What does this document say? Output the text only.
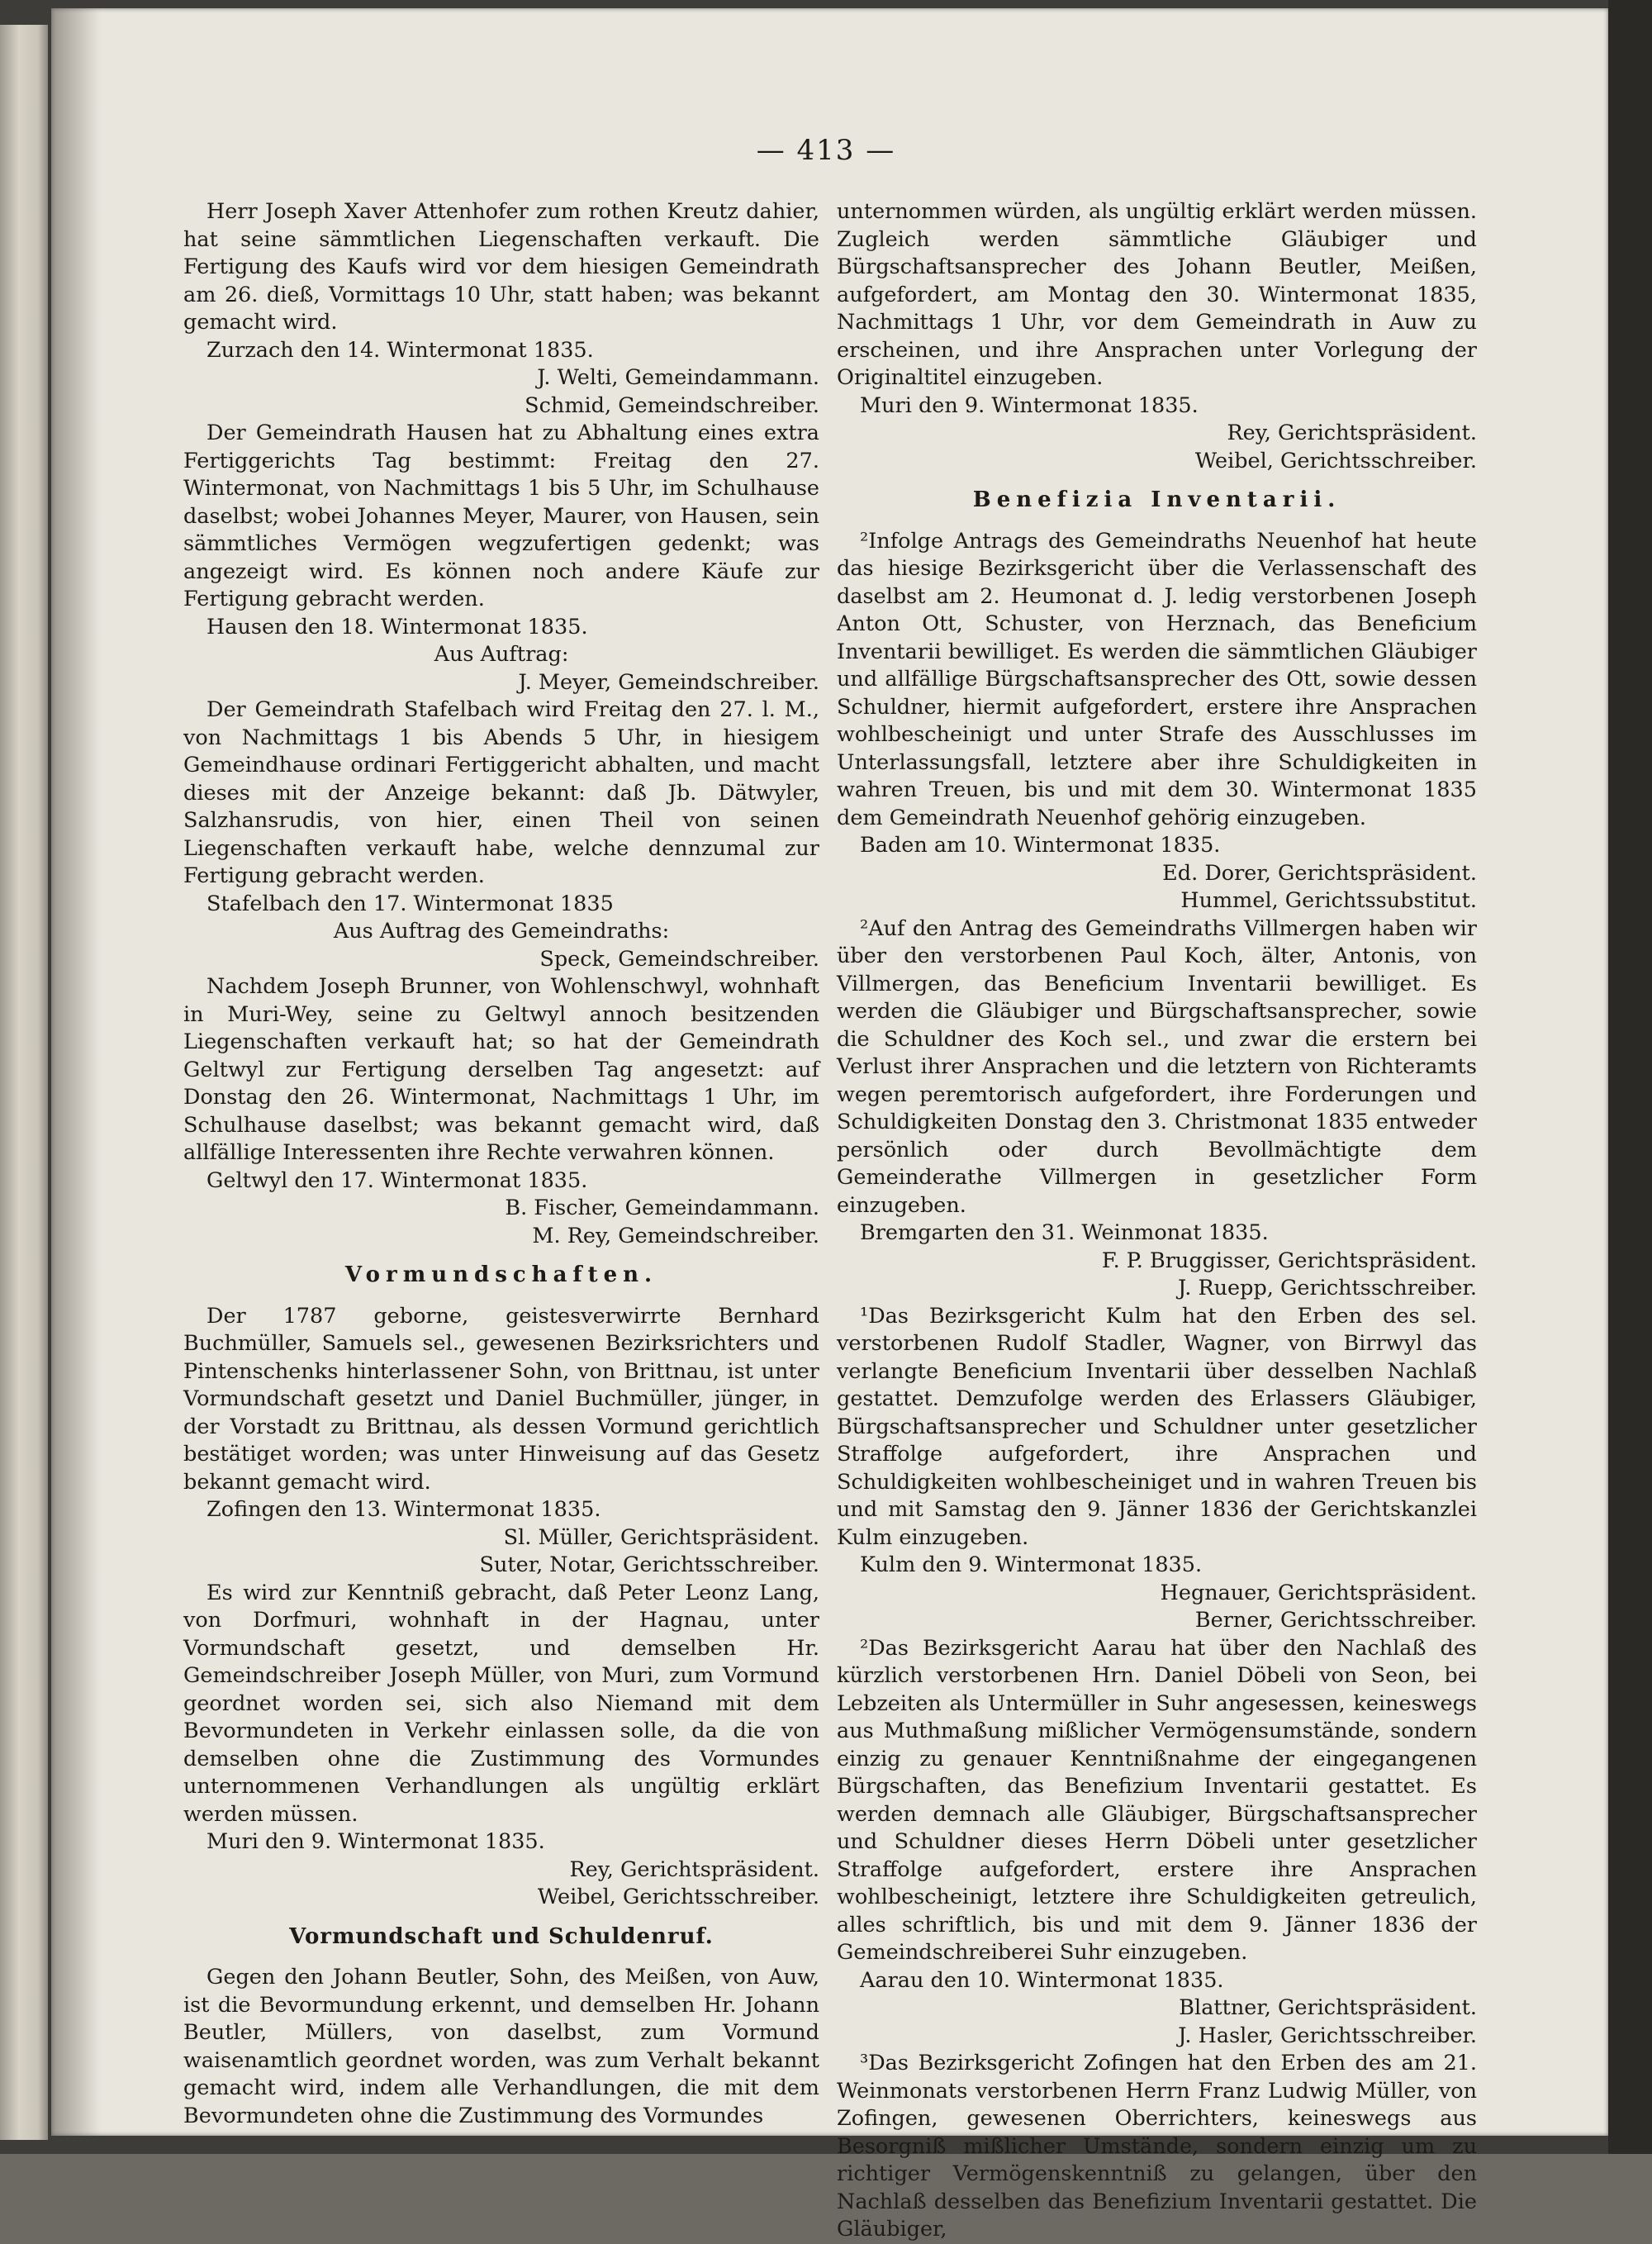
— 413 —

Herr Joseph Xaver Attenhofer zum rothen Kreutz dahier, hat seine sämmtlichen Liegenschaften verkauft. Die Fertigung des Kaufs wird vor dem hiesigen Gemeindrath am 26. dieß, Vormittags 10 Uhr, statt haben; was bekannt gemacht wird.

Zurzach den 14. Wintermonat 1835.

J. Welti, Gemeindammann.

Schmid, Gemeindschreiber.

Der Gemeindrath Hausen hat zu Abhaltung eines extra Fertiggerichts Tag bestimmt: Freitag den 27. Wintermonat, von Nachmittags 1 bis 5 Uhr, im Schulhause daselbst; wobei Johannes Meyer, Maurer, von Hausen, sein sämmtliches Vermögen wegzufertigen gedenkt; was angezeigt wird. Es können noch andere Käufe zur Fertigung gebracht werden.

Hausen den 18. Wintermonat 1835.

Aus Auftrag:

J. Meyer, Gemeindschreiber.

Der Gemeindrath Stafelbach wird Freitag den 27. l. M., von Nachmittags 1 bis Abends 5 Uhr, in hiesigem Gemeindhause ordinari Fertiggericht abhalten, und macht dieses mit der Anzeige bekannt: daß Jb. Dätwyler, Salzhansrudis, von hier, einen Theil von seinen Liegenschaften verkauft habe, welche dennzumal zur Fertigung gebracht werden.

Stafelbach den 17. Wintermonat 1835

Aus Auftrag des Gemeindraths:

Speck, Gemeindschreiber.

Nachdem Joseph Brunner, von Wohlenschwyl, wohnhaft in Muri-Wey, seine zu Geltwyl annoch besitzenden Liegenschaften verkauft hat; so hat der Gemeindrath Geltwyl zur Fertigung derselben Tag angesetzt: auf Donstag den 26. Wintermonat, Nachmittags 1 Uhr, im Schulhause daselbst; was bekannt gemacht wird, daß allfällige Interessenten ihre Rechte verwahren können.

Geltwyl den 17. Wintermonat 1835.

B. Fischer, Gemeindammann.

M. Rey, Gemeindschreiber.

Vormundschaften.

Der 1787 geborne, geistesverwirrte Bernhard Buchmüller, Samuels sel., gewesenen Bezirksrichters und Pintenschenks hinterlassener Sohn, von Brittnau, ist unter Vormundschaft gesetzt und Daniel Buchmüller, jünger, in der Vorstadt zu Brittnau, als dessen Vormund gerichtlich bestätiget worden; was unter Hinweisung auf das Gesetz bekannt gemacht wird.

Zofingen den 13. Wintermonat 1835.

Sl. Müller, Gerichtspräsident.

Suter, Notar, Gerichtsschreiber.

Es wird zur Kenntniß gebracht, daß Peter Leonz Lang, von Dorfmuri, wohnhaft in der Hagnau, unter Vormundschaft gesetzt, und demselben Hr. Gemeindschreiber Joseph Müller, von Muri, zum Vormund geordnet worden sei, sich also Niemand mit dem Bevormundeten in Verkehr einlassen solle, da die von demselben ohne die Zustimmung des Vormundes unternommenen Verhandlungen als ungültig erklärt werden müssen.

Muri den 9. Wintermonat 1835.

Rey, Gerichtspräsident.

Weibel, Gerichtsschreiber.

Vormundschaft und Schuldenruf.

Gegen den Johann Beutler, Sohn, des Meißen, von Auw, ist die Bevormundung erkennt, und demselben Hr. Johann Beutler, Müllers, von daselbst, zum Vormund waisenamtlich geordnet worden, was zum Verhalt bekannt gemacht wird, indem alle Verhandlungen, die mit dem Bevormundeten ohne die Zustimmung des Vormundes

unternommen würden, als ungültig erklärt werden müssen. Zugleich werden sämmtliche Gläubiger und Bürgschaftsansprecher des Johann Beutler, Meißen, aufgefordert, am Montag den 30. Wintermonat 1835, Nachmittags 1 Uhr, vor dem Gemeindrath in Auw zu erscheinen, und ihre Ansprachen unter Vorlegung der Originaltitel einzugeben.

Muri den 9. Wintermonat 1835.

Rey, Gerichtspräsident.

Weibel, Gerichtsschreiber.

Benefizia Inventarii.

²Infolge Antrags des Gemeindraths Neuenhof hat heute das hiesige Bezirksgericht über die Verlassenschaft des daselbst am 2. Heumonat d. J. ledig verstorbenen Joseph Anton Ott, Schuster, von Herznach, das Beneficium Inventarii bewilliget. Es werden die sämmtlichen Gläubiger und allfällige Bürgschaftsansprecher des Ott, sowie dessen Schuldner, hiermit aufgefordert, erstere ihre Ansprachen wohlbescheinigt und unter Strafe des Ausschlusses im Unterlassungsfall, letztere aber ihre Schuldigkeiten in wahren Treuen, bis und mit dem 30. Wintermonat 1835 dem Gemeindrath Neuenhof gehörig einzugeben.

Baden am 10. Wintermonat 1835.

Ed. Dorer, Gerichtspräsident.

Hummel, Gerichtssubstitut.

²Auf den Antrag des Gemeindraths Villmergen haben wir über den verstorbenen Paul Koch, älter, Antonis, von Villmergen, das Beneficium Inventarii bewilliget. Es werden die Gläubiger und Bürgschaftsansprecher, sowie die Schuldner des Koch sel., und zwar die erstern bei Verlust ihrer Ansprachen und die letztern von Richteramts wegen peremtorisch aufgefordert, ihre Forderungen und Schuldigkeiten Donstag den 3. Christmonat 1835 entweder persönlich oder durch Bevollmächtigte dem Gemeinderathe Villmergen in gesetzlicher Form einzugeben.

Bremgarten den 31. Weinmonat 1835.

F. P. Bruggisser, Gerichtspräsident.

J. Ruepp, Gerichtsschreiber.

¹Das Bezirksgericht Kulm hat den Erben des sel. verstorbenen Rudolf Stadler, Wagner, von Birrwyl das verlangte Beneficium Inventarii über desselben Nachlaß gestattet. Demzufolge werden des Erlassers Gläubiger, Bürgschaftsansprecher und Schuldner unter gesetzlicher Straffolge aufgefordert, ihre Ansprachen und Schuldigkeiten wohlbescheiniget und in wahren Treuen bis und mit Samstag den 9. Jänner 1836 der Gerichtskanzlei Kulm einzugeben.

Kulm den 9. Wintermonat 1835.

Hegnauer, Gerichtspräsident.

Berner, Gerichtsschreiber.

²Das Bezirksgericht Aarau hat über den Nachlaß des kürzlich verstorbenen Hrn. Daniel Döbeli von Seon, bei Lebzeiten als Untermüller in Suhr angesessen, keineswegs aus Muthmaßung mißlicher Vermögensumstände, sondern einzig zu genauer Kenntnißnahme der eingegangenen Bürgschaften, das Benefizium Inventarii gestattet. Es werden demnach alle Gläubiger, Bürgschaftsansprecher und Schuldner dieses Herrn Döbeli unter gesetzlicher Straffolge aufgefordert, erstere ihre Ansprachen wohlbescheinigt, letztere ihre Schuldigkeiten getreulich, alles schriftlich, bis und mit dem 9. Jänner 1836 der Gemeindschreiberei Suhr einzugeben.

Aarau den 10. Wintermonat 1835.

Blattner, Gerichtspräsident.

J. Hasler, Gerichtsschreiber.

³Das Bezirksgericht Zofingen hat den Erben des am 21. Weinmonats verstorbenen Herrn Franz Ludwig Müller, von Zofingen, gewesenen Oberrichters, keineswegs aus Besorgniß mißlicher Umstände, sondern einzig um zu richtiger Vermögenskenntniß zu gelangen, über den Nachlaß desselben das Benefizium Inventarii gestattet. Die Gläubiger,
